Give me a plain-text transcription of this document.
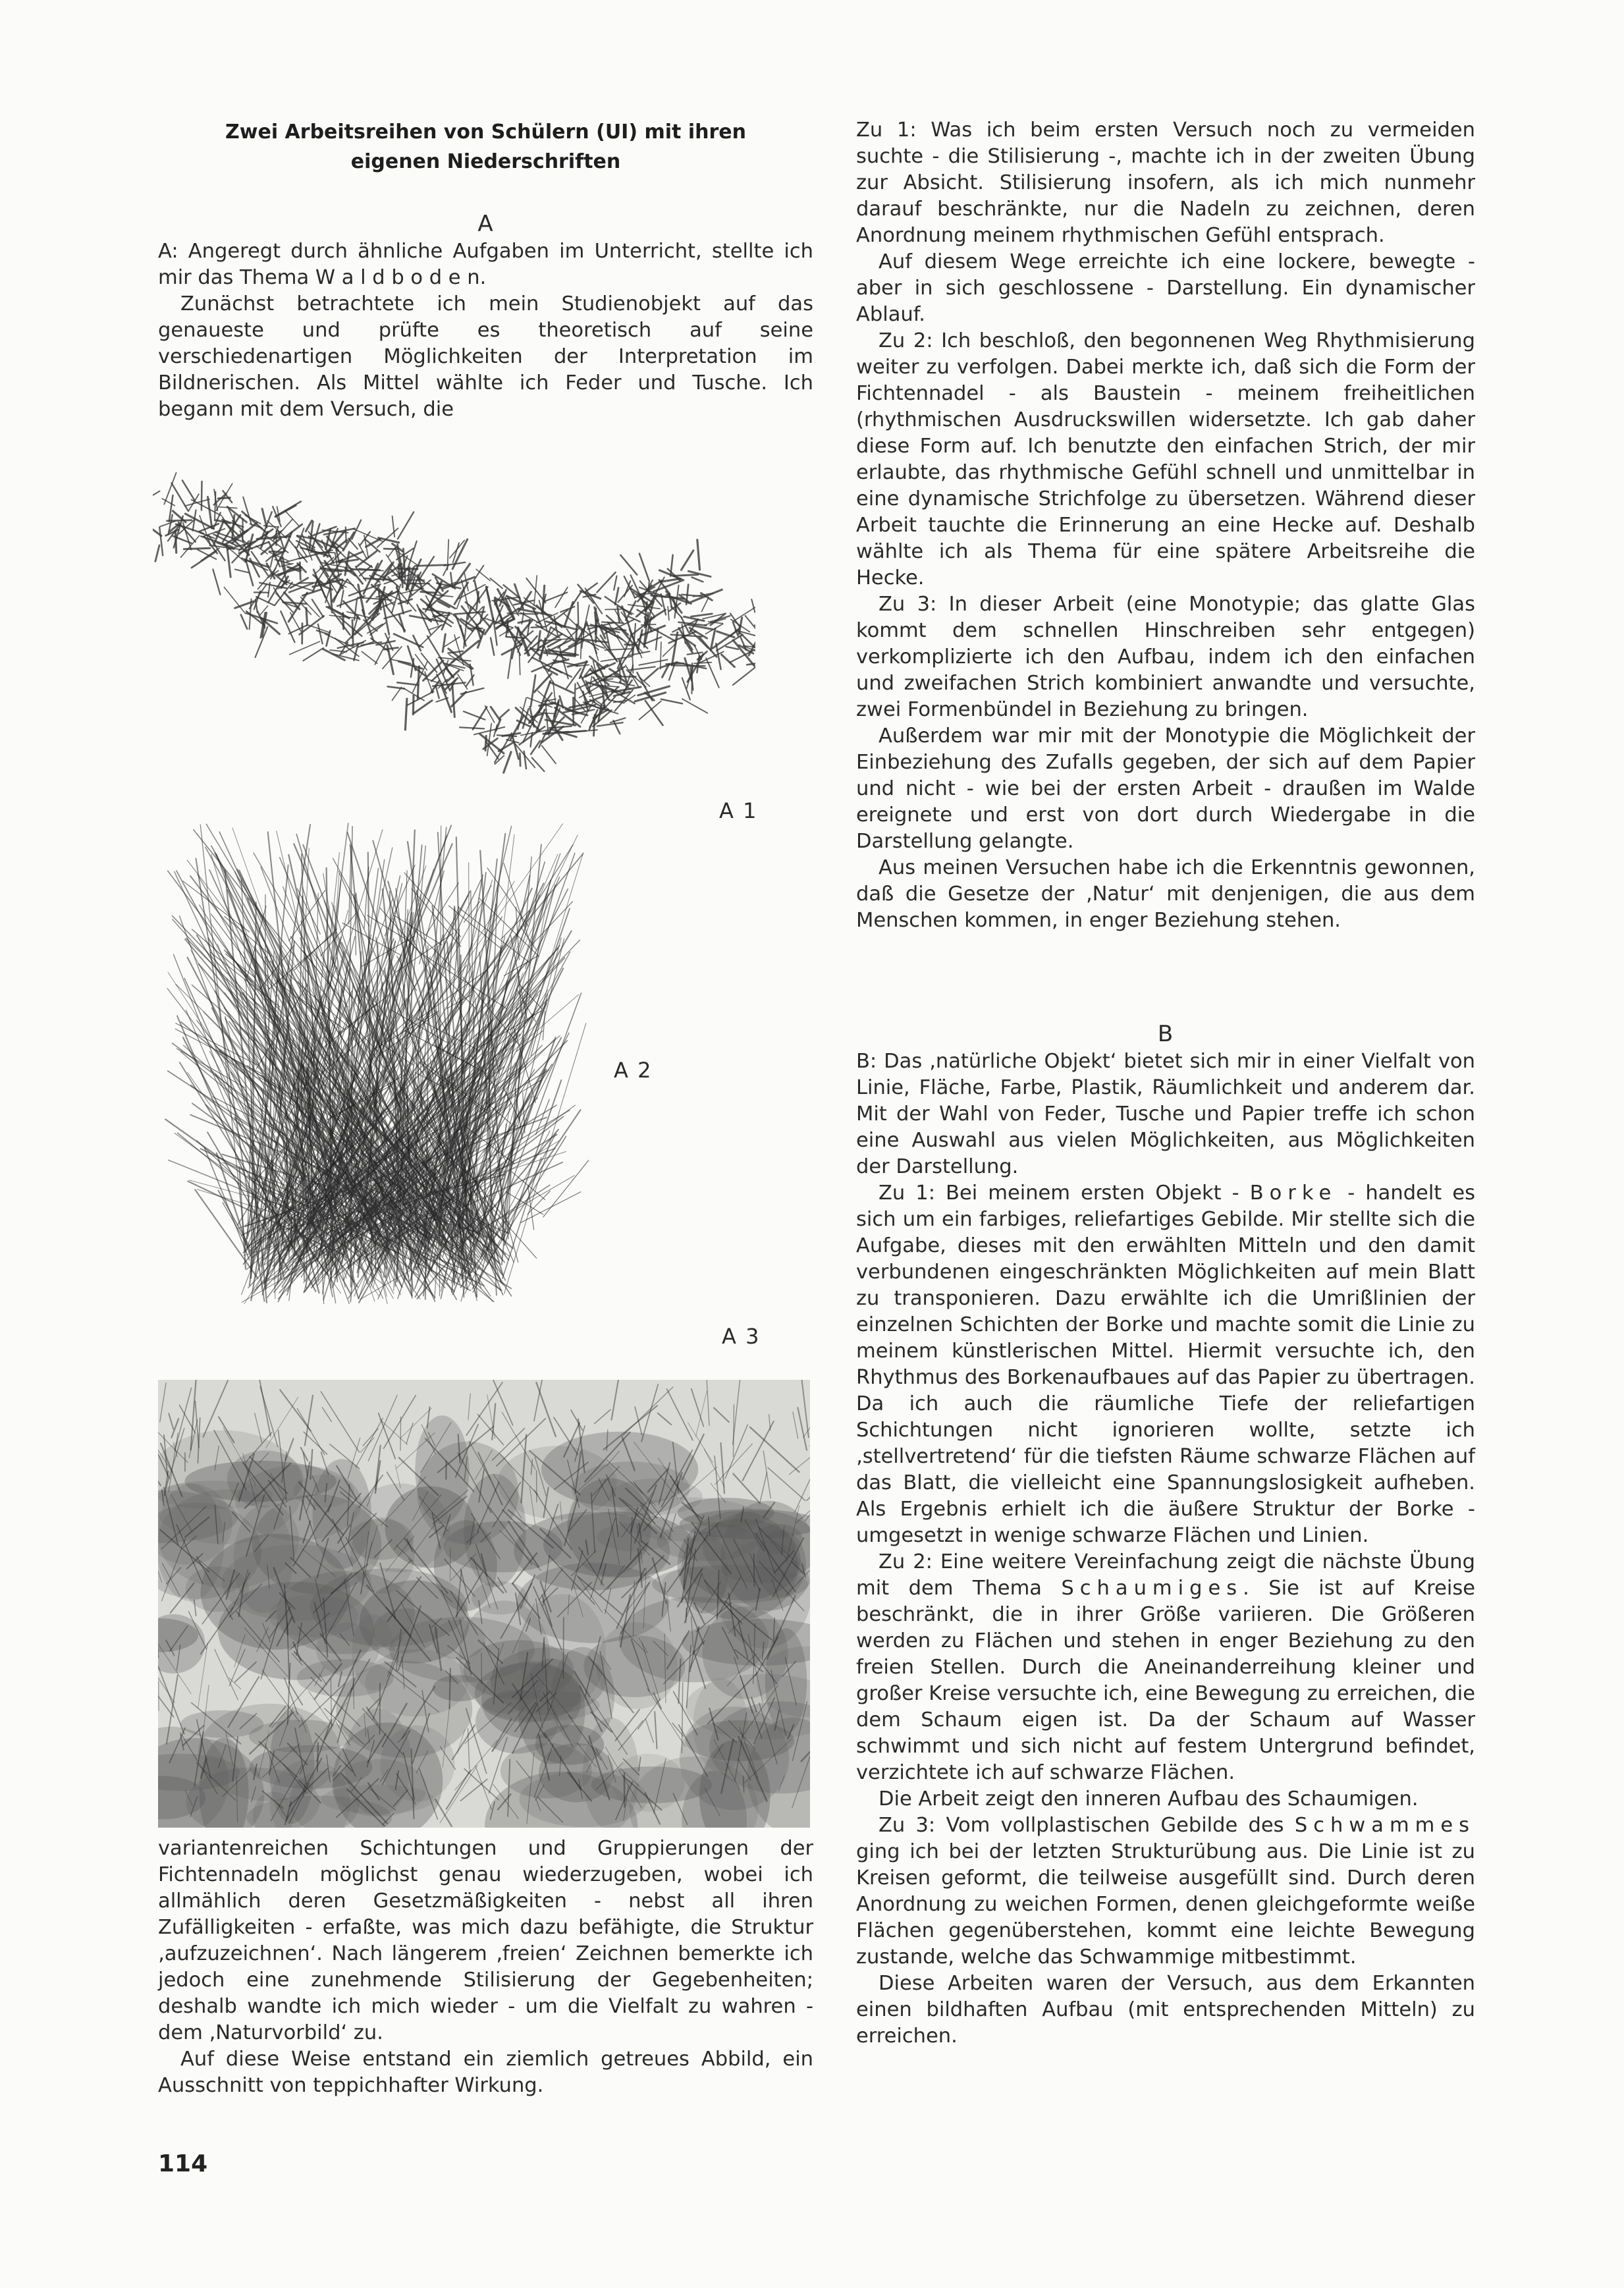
Zwei Arbeitsreihen von Schülern (UI) mit ihren
eigenen Niederschriften
A

A: Angeregt durch ähnliche Aufgaben im Unterricht, stellte ich mir das Thema W a l d b o d e n.

Zunächst betrachtete ich mein Studienobjekt auf das genaueste und prüfte es theoretisch auf seine verschiedenartigen Möglichkeiten der Interpretation im Bildnerischen. Als Mittel wählte ich Feder und Tusche. Ich begann mit dem Versuch, die

A 1
A 2
A 3

variantenreichen Schichtungen und Gruppierungen der Fichtennadeln möglichst genau wiederzugeben, wobei ich allmählich deren Gesetzmäßigkeiten - nebst all ihren Zufälligkeiten - erfaßte, was mich dazu befähigte, die Struktur ‚aufzuzeichnen‘. Nach längerem ‚freien‘ Zeichnen bemerkte ich jedoch eine zunehmende Stilisierung der Gegebenheiten; deshalb wandte ich mich wieder - um die Vielfalt zu wahren - dem ‚Naturvorbild‘ zu.

Auf diese Weise entstand ein ziemlich getreues Abbild, ein Ausschnitt von teppichhafter Wirkung.

Zu 1: Was ich beim ersten Versuch noch zu vermeiden suchte - die Stilisierung -, machte ich in der zweiten Übung zur Absicht. Stilisierung insofern, als ich mich nunmehr darauf beschränkte, nur die Nadeln zu zeichnen, deren Anordnung meinem rhythmischen Gefühl entsprach.

Auf diesem Wege erreichte ich eine lockere, bewegte - aber in sich geschlossene - Darstellung. Ein dynamischer Ablauf.

Zu 2: Ich beschloß, den begonnenen Weg Rhythmisierung weiter zu verfolgen. Dabei merkte ich, daß sich die Form der Fichtennadel - als Baustein - meinem freiheitlichen (rhythmischen Ausdruckswillen widersetzte. Ich gab daher diese Form auf. Ich benutzte den einfachen Strich, der mir erlaubte, das rhythmische Gefühl schnell und unmittelbar in eine dynamische Strichfolge zu übersetzen. Während dieser Arbeit tauchte die Erinnerung an eine Hecke auf. Deshalb wählte ich als Thema für eine spätere Arbeitsreihe die Hecke.

Zu 3: In dieser Arbeit (eine Monotypie; das glatte Glas kommt dem schnellen Hinschreiben sehr entgegen) verkomplizierte ich den Aufbau, indem ich den einfachen und zweifachen Strich kombiniert anwandte und versuchte, zwei Formenbündel in Beziehung zu bringen.

Außerdem war mir mit der Monotypie die Möglichkeit der Einbeziehung des Zufalls gegeben, der sich auf dem Papier und nicht - wie bei der ersten Arbeit - draußen im Walde ereignete und erst von dort durch Wiedergabe in die Darstellung gelangte.

Aus meinen Versuchen habe ich die Erkenntnis gewonnen, daß die Gesetze der ‚Natur‘ mit denjenigen, die aus dem Menschen kommen, in enger Beziehung stehen.

B

B: Das ‚natürliche Objekt‘ bietet sich mir in einer Vielfalt von Linie, Fläche, Farbe, Plastik, Räumlichkeit und anderem dar. Mit der Wahl von Feder, Tusche und Papier treffe ich schon eine Auswahl aus vielen Möglichkeiten, aus Möglichkeiten der Darstellung.

Zu 1: Bei meinem ersten Objekt - Borke - handelt es sich um ein farbiges, reliefartiges Gebilde. Mir stellte sich die Aufgabe, dieses mit den erwählten Mitteln und den damit verbundenen eingeschränkten Möglichkeiten auf mein Blatt zu transponieren. Dazu erwählte ich die Umrißlinien der einzelnen Schichten der Borke und machte somit die Linie zu meinem künstlerischen Mittel. Hiermit versuchte ich, den Rhythmus des Borkenaufbaues auf das Papier zu übertragen. Da ich auch die räumliche Tiefe der reliefartigen Schichtungen nicht ignorieren wollte, setzte ich ‚stellvertretend‘ für die tiefsten Räume schwarze Flächen auf das Blatt, die vielleicht eine Spannungslosigkeit aufheben. Als Ergebnis erhielt ich die äußere Struktur der Borke - umgesetzt in wenige schwarze Flächen und Linien.

Zu 2: Eine weitere Vereinfachung zeigt die nächste Übung mit dem Thema Schaumiges. Sie ist auf Kreise beschränkt, die in ihrer Größe variieren. Die Größeren werden zu Flächen und stehen in enger Beziehung zu den freien Stellen. Durch die Aneinanderreihung kleiner und großer Kreise versuchte ich, eine Bewegung zu erreichen, die dem Schaum eigen ist. Da der Schaum auf Wasser schwimmt und sich nicht auf festem Untergrund befindet, verzichtete ich auf schwarze Flächen.

Die Arbeit zeigt den inneren Aufbau des Schaumigen.

Zu 3: Vom vollplastischen Gebilde des Schwammes ging ich bei der letzten Strukturübung aus. Die Linie ist zu Kreisen geformt, die teilweise ausgefüllt sind. Durch deren Anordnung zu weichen Formen, denen gleichgeformte weiße Flächen gegenüberstehen, kommt eine leichte Bewegung zustande, welche das Schwammige mitbestimmt.

Diese Arbeiten waren der Versuch, aus dem Erkannten einen bildhaften Aufbau (mit entsprechenden Mitteln) zu erreichen.

114
